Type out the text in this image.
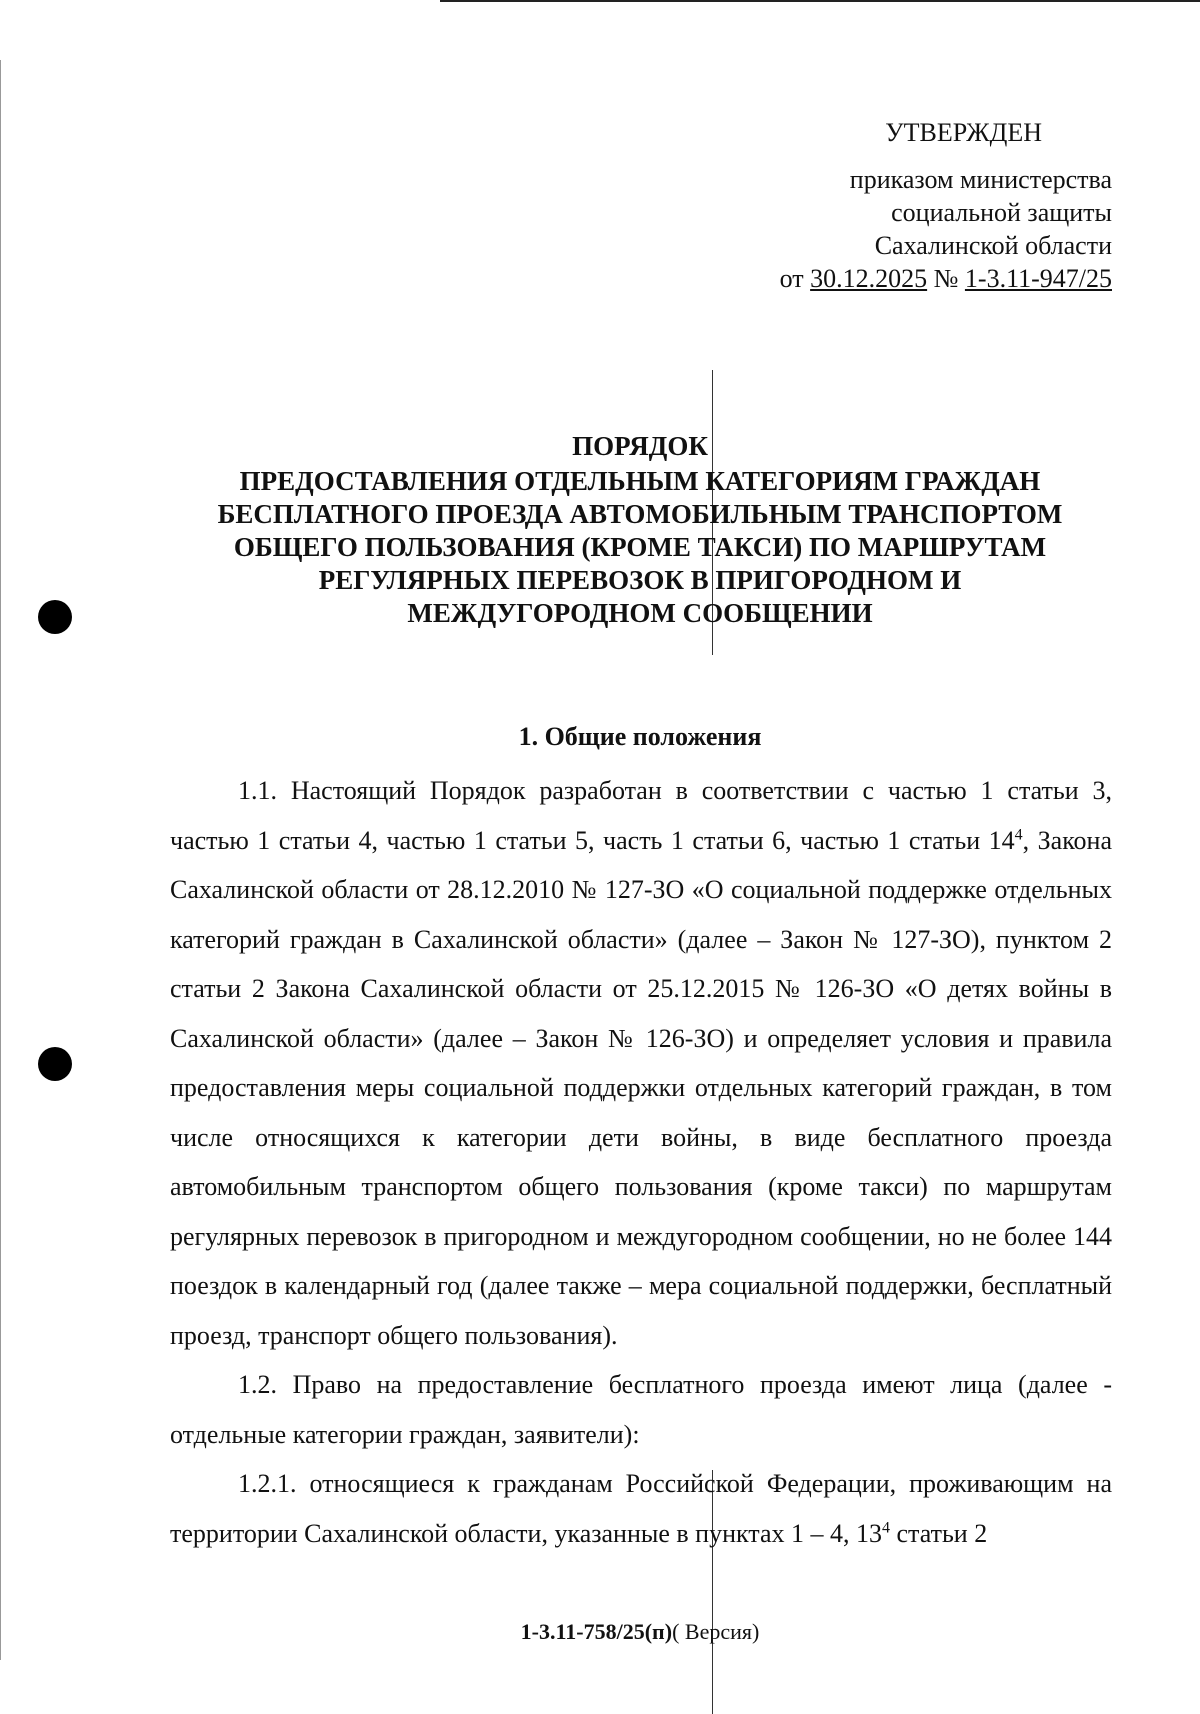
УТВЕРЖДЕН
приказом министерства
социальной защиты
Сахалинской области
от 30.12.2025 № 1-3.11-947/25
ПОРЯДОК
ПРЕДОСТАВЛЕНИЯ ОТДЕЛЬНЫМ КАТЕГОРИЯМ ГРАЖДАН
БЕСПЛАТНОГО ПРОЕЗДА АВТОМОБИЛЬНЫМ ТРАНСПОРТОМ
ОБЩЕГО ПОЛЬЗОВАНИЯ (КРОМЕ ТАКСИ) ПО МАРШРУТАМ
РЕГУЛЯРНЫХ ПЕРЕВОЗОК В ПРИГОРОДНОМ И
МЕЖДУГОРОДНОМ СООБЩЕНИИ
1. Общие положения

1.1. Настоящий Порядок разработан в соответствии с частью 1 статьи 3, частью 1 статьи 4, частью 1 статьи 5, часть 1 статьи 6, частью 1 статьи $14^4$, Закона Сахалинской области от 28.12.2010 № 127-ЗО «О социальной поддержке отдельных категорий граждан в Сахалинской области» (далее – Закон № 127-ЗО), пунктом 2 статьи 2 Закона Сахалинской области от 25.12.2015 № 126-ЗО «О детях войны в Сахалинской области» (далее – Закон № 126-ЗО) и определяет условия и правила предоставления меры социальной поддержки отдельных категорий граждан, в том числе относящихся к категории дети войны, в виде бесплатного проезда автомобильным транспортом общего пользования (кроме такси) по маршрутам регулярных перевозок в пригородном и междугородном сообщении, но не более 144 поездок в календарный год (далее также – мера социальной поддержки, бесплатный проезд, транспорт общего пользования).

1.2. Право на предоставление бесплатного проезда имеют лица (далее - отдельные категории граждан, заявители):

1.2.1. относящиеся к гражданам Российской Федерации, проживающим на территории Сахалинской области, указанные в пунктах 1 – 4, $13^4$ статьи 2

1-3.11-758/25(п)( Версия)
